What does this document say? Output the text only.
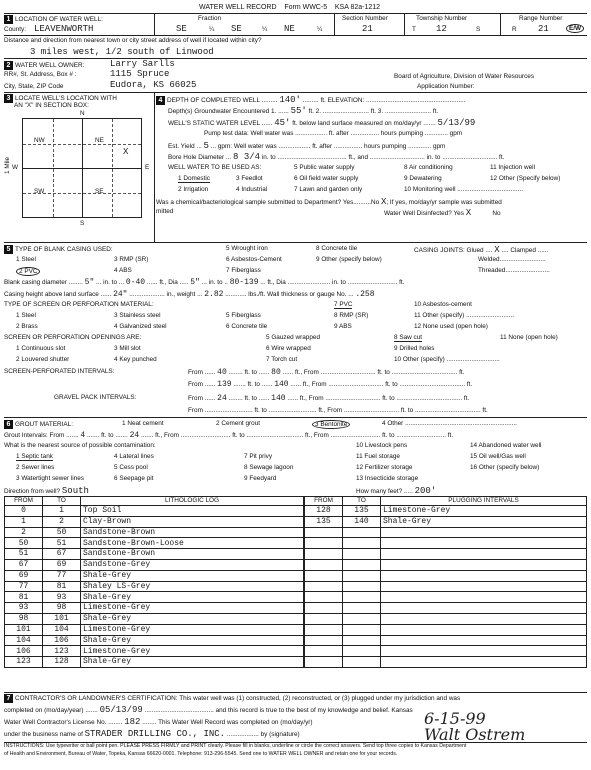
WATER WELL RECORD Form WWC-5 KSA 82a-1212
1 LOCATION OF WATER WELL:	Fraction	Section Number	Township Number	Range Number
County: LEAVENWORTH	SE	¼ SE	¼ NE	¼	21	T 12	S	R 21	E/W
Distance and direction from nearest town or city street address of well if located within city?
3 miles west, 1/2 south of Linwood
2 WATER WELL OWNER:	Larry Sarlls
RR#, St. Address, Box # :	1115 Spruce	Board of Agriculture, Division of Water Resources
City, State, ZIP Code	Eudora, KS 66025	Application Number:
3 LOCATE WELL'S LOCATION WITH
AN "X" IN SECTION BOX:
N
NW	NE
SW	SE
X
W	E
S
1 Mile
4 DEPTH OF COMPLETED WELL ......... 140' ......... ft. ELEVATION: ........................................................
Depth(s) Groundwater Encountered 1. ...... 55' ft. 2. .......................... ft. 3. .......................... ft.
WELL'S STATIC WATER LEVEL ...... 45' ft. below land surface measured on mo/day/yr ....... 5/13/99
Pump test data: Well water was .................. ft. after ................ hours pumping ............. gpm
Est. Yield ... 5 ... gpm: Well water was .................. ft. after ................ hours pumping ............. gpm
Bore Hole Diameter ... 8 3/4 in. to ....................................... ft., and ............................... in. to ............................... ft.
WELL WATER TO BE USED AS:	5 Public water supply	8 Air conditioning	11 Injection well
1 Domestic	3 Feedlot	6 Oil field water supply	9 Dewatering	12 Other (Specify below)
2 Irrigation	4 Industrial	7 Lawn and garden only	10 Monitoring well .....................................
Was a chemical/bacteriological sample submitted to Department? Yes..........No X; If yes, mo/day/yr sample was submitted
mitted	Water Well Disinfected? Yes X	No
5 TYPE OF BLANK CASING USED:	5 Wrought iron	8 Concrete tile	CASING JOINTS: Glued .... X .... Clamped ......
1 Steel	3 RMP (SR)	6 Asbestos-Cement	9 Other (specify below)	Welded..........................
2 PVC	4 ABS	7 Fiberglass	Threaded.........................
Blank casing diameter ........ 5" ... in. to ... 0-40 ...... ft., Dia ..... 5" ... in. to .. 80-139 ... ft., Dia ........................ in. to ............................ ft.
Casing height above land surface ...... 24" .................... in., weight ... 2.82 ............ lbs./ft. Wall thickness or gauge No. ... .258
TYPE OF SCREEN OR PERFORATION MATERIAL:	7 PVC	10 Asbestos-cement
1 Steel	3 Stainless steel	5 Fiberglass	8 RMP (SR)	11 Other (specify) ...........................
2 Brass	4 Galvanized steel	6 Concrete tile	9 ABS	12 None used (open hole)
SCREEN OR PERFORATION OPENINGS ARE:	5 Gauzed wrapped	8 Saw cut	11 None (open hole)
1 Continuous slot	3 Mill slot	6 Wire wrapped	9 Drilled holes
2 Louvered shutter	4 Key punched	7 Torch cut	10 Other (specify) ..............................
SCREEN-PERFORATED INTERVALS:	From ...... 40 ........ ft. to ...... 80 ...... ft., From ............................... ft. to ..................................... ft.
From ...... 139 ....... ft. to ...... 140 ...... ft., From ............................... ft. to ..................................... ft.
GRAVEL PACK INTERVALS:	From ...... 24 ........ ft. to ...... 140 ...... ft., From ............................... ft. to ..................................... ft.
From ........................... ft. to ........................... ft., From ............................... ft. to ..................................... ft.
6 GROUT MATERIAL:	1 Neat cement	2 Cement grout	3 Bentonite	4 Other ...............................................................
Grout Intervals: From ....... 4 ....... ft. to ....... 24 ....... ft., From ............................ ft. to ................................ ft., From ............................ ft. to ............................ ft.
What is the nearest source of possible contamination:	10 Livestock pens	14 Abandoned water well
1 Septic tank	4 Lateral lines	7 Pit privy	11 Fuel storage	15 Oil well/Gas well
2 Sewer lines	5 Cess pool	8 Sewage lagoon	12 Fertilizer storage	16 Other (specify below)
3 Watertight sewer lines	6 Seepage pit	9 Feedyard	13 Insecticide storage
Direction from well? South	How many feet? ..... 200'
FROM	TO	LITHOLOGIC LOG
0	1	Top Soil
1	2	Clay-Brown
2	50	Sandstone-Brown
50	51	Sandstone-Brown-Loose
51	67	Sandstone-Brown
67	69	Sandstone-Grey
69	77	Shale-Grey
77	81	Shaley LS-Grey
81	93	Shale-Grey
93	98	Limestone-Grey
98	101	Shale-Grey
101	104	Limestone-Grey
104	106	Shale-Grey
106	123	Limestone-Grey
123	128	Shale-Grey
FROM	TO	PLUGGING INTERVALS
128	135	Limestone-Grey
135	140	Shale-Grey

7 CONTRACTOR'S OR LANDOWNER'S CERTIFICATION: This water well was (1) constructed, (2) reconstructed, or (3) plugged under my jurisdiction and was
completed on (mo/day/year) ....... 05/13/99 ....................................... and this record is true to the best of my knowledge and belief. Kansas
Water Well Contractor's License No. ........ 182 ........ This Water Well Record was completed on (mo/day/yr)
under the business name of STRADER DRILLING CO., INC. .................. by (signature)
6-15-99
Walt Ostrem
INSTRUCTIONS: Use typewriter or ball point pen. PLEASE PRESS FIRMLY and PRINT clearly. Please fill in blanks, underline or circle the correct answers. Send top three copies to Kansas Department
of Health and Environment, Bureau of Water, Topeka, Kansas 66620-0001. Telephone: 913-296-5545. Send one to WATER WELL OWNER and retain one for your records.
